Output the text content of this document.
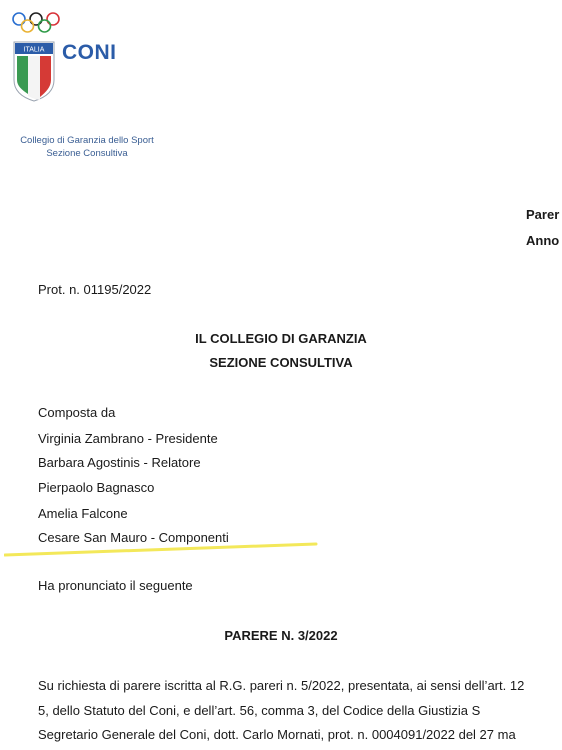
ITALIA CONI
Collegio di Garanzia dello Sport
Sezione Consultiva
Parer
Anno
Prot. n. 01195/2022
IL COLLEGIO DI GARANZIA
SEZIONE CONSULTIVA
Composta da
Virginia Zambrano - Presidente
Barbara Agostinis - Relatore
Pierpaolo Bagnasco
Amelia Falcone
Cesare San Mauro - Componenti
Ha pronunciato il seguente
PARERE N. 3/2022
Su richiesta di parere iscritta al R.G. pareri n. 5/2022, presentata, ai sensi dell’art. 12
5, dello Statuto del Coni, e dell’art. 56, comma 3, del Codice della Giustizia S
Segretario Generale del Coni, dott. Carlo Mornati, prot. n. 0004091/2022 del 27 ma
